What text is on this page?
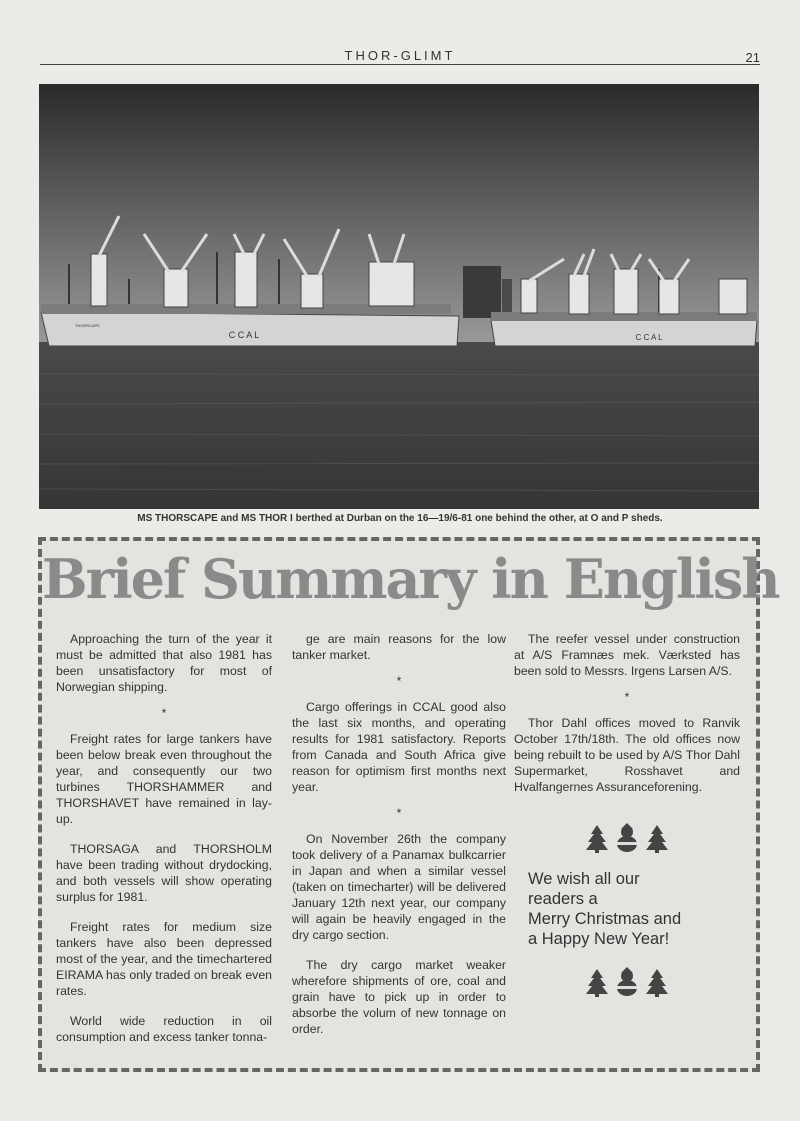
THOR-GLIMT	21
C C A L
THORSCAPE
C C A L
MS THORSCAPE and MS THOR I berthed at Durban on the 16—19/6-81 one behind the other, at O and P sheds.
Brief Summary in English

Approaching the turn of the year it must be admitted that also 1981 has been unsatisfactory for most of Norwegian shipping.

*

Freight rates for large tankers have been below break even throughout the year, and consequently our two turbines THORSHAMMER and THORSHAVET have remained in lay-up.

THORSAGA and THORSHOLM have been trading without drydocking, and both vessels will show operating surplus for 1981.

Freight rates for medium size tankers have also been depressed most of the year, and the timechartered EIRAMA has only traded on break even rates.

World wide reduction in oil consumption and excess tanker tonna-

ge are main reasons for the low tanker market.

*

Cargo offerings in CCAL good also the last six months, and operating results for 1981 satisfactory. Reports from Canada and South Africa give reason for optimism first months next year.

*

On November 26th the company took delivery of a Panamax bulkcarrier in Japan and when a similar vessel (taken on timecharter) will be delivered January 12th next year, our company will again be heavily engaged in the dry cargo section.

The dry cargo market weaker wherefore shipments of ore, coal and grain have to pick up in order to absorbe the volum of new tonnage on order.

The reefer vessel under construction at A/S Framnæs mek. Værksted has been sold to Messrs. Irgens Larsen A/S.

*

Thor Dahl offices moved to Ranvik October 17th/18th. The old offices now being rebuilt to be used by A/S Thor Dahl Supermarket, Rosshavet and Hvalfangernes Assuranceforening.

We wish all our
readers a
Merry Christmas and
a Happy New Year!
